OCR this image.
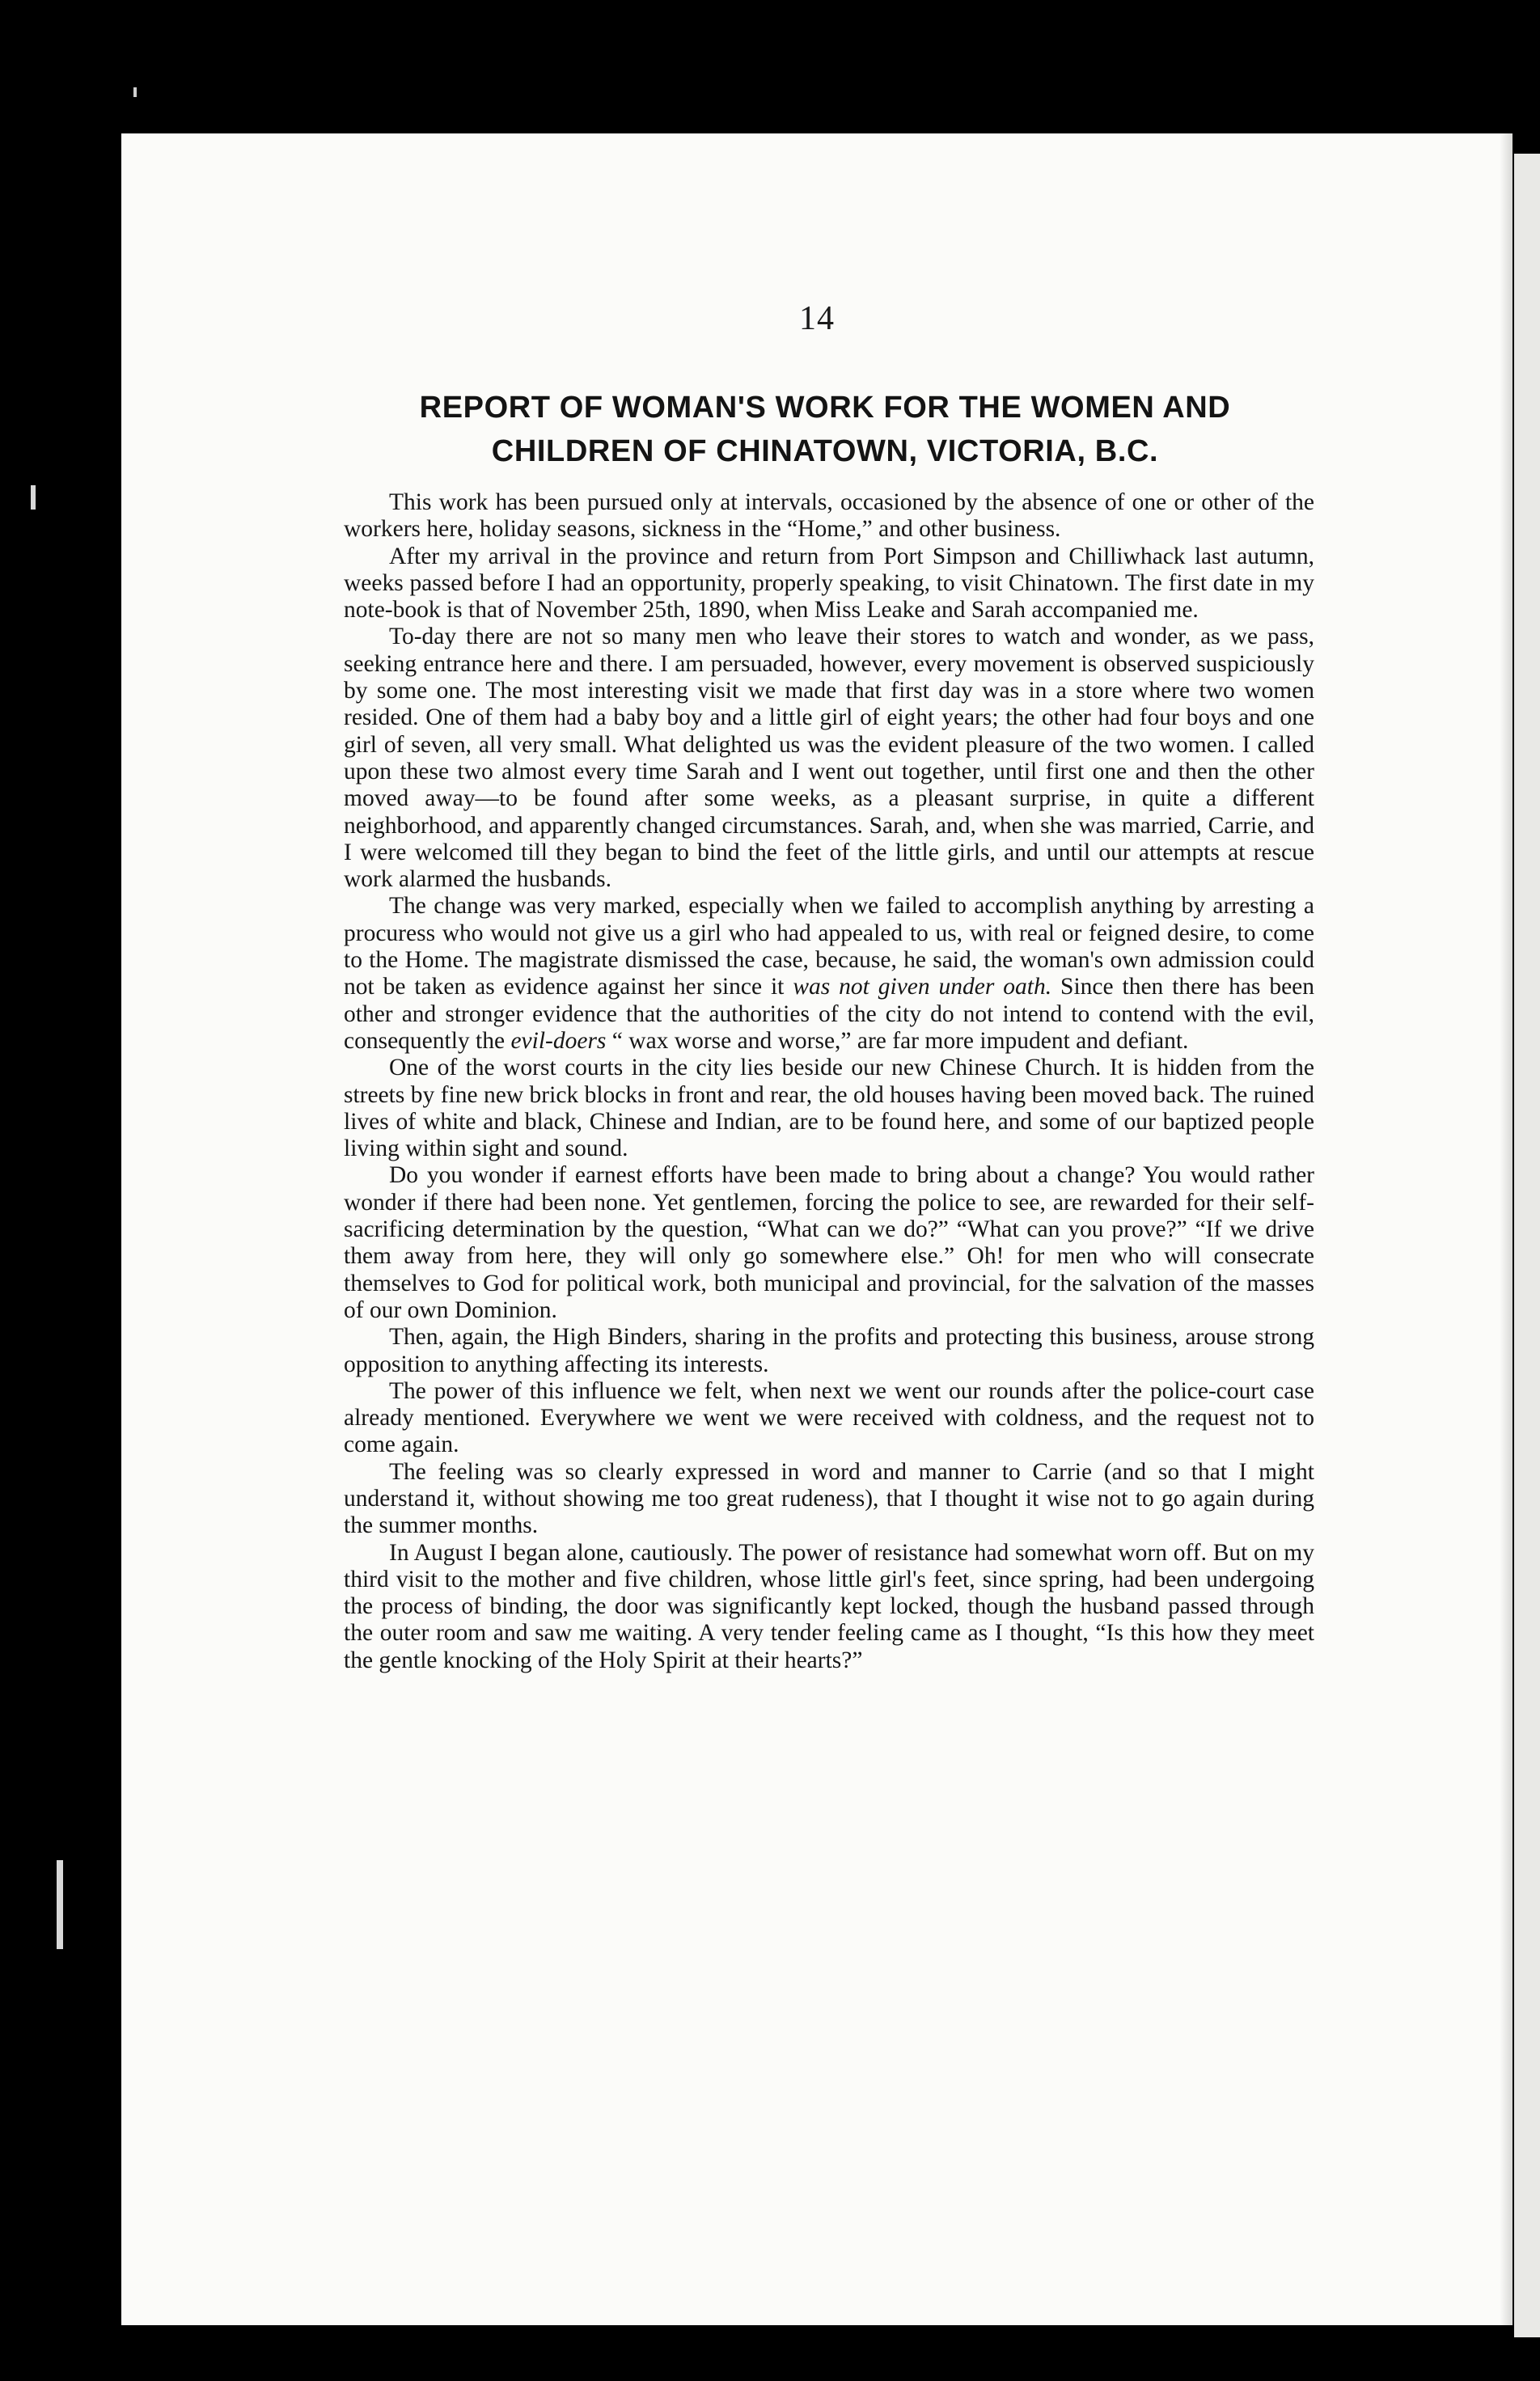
14
REPORT OF WOMAN'S WORK FOR THE WOMEN AND
CHILDREN OF CHINATOWN, VICTORIA, B.C.

This work has been pursued only at intervals, occasioned by the absence of one or other of the workers here, holiday seasons, sickness in the “Home,” and other business.

After my arrival in the province and return from Port Simpson and Chilliwhack last autumn, weeks passed before I had an opportunity, properly speaking, to visit Chinatown. The first date in my note-book is that of November 25th, 1890, when Miss Leake and Sarah accompanied me.

To-day there are not so many men who leave their stores to watch and wonder, as we pass, seeking entrance here and there. I am persuaded, however, every movement is observed suspiciously by some one. The most interesting visit we made that first day was in a store where two women resided. One of them had a baby boy and a little girl of eight years; the other had four boys and one girl of seven, all very small. What delighted us was the evident pleasure of the two women. I called upon these two almost every time Sarah and I went out together, until first one and then the other moved away—to be found after some weeks, as a pleasant surprise, in quite a different neighborhood, and apparently changed circumstances. Sarah, and, when she was married, Carrie, and I were welcomed till they began to bind the feet of the little girls, and until our attempts at rescue work alarmed the husbands.

The change was very marked, especially when we failed to accomplish anything by arresting a procuress who would not give us a girl who had appealed to us, with real or feigned desire, to come to the Home. The magistrate dismissed the case, because, he said, the woman's own admission could not be taken as evidence against her since it was not given under oath. Since then there has been other and stronger evidence that the authorities of the city do not intend to contend with the evil, consequently the evil-doers “ wax worse and worse,” are far more impudent and defiant.

One of the worst courts in the city lies beside our new Chinese Church. It is hidden from the streets by fine new brick blocks in front and rear, the old houses having been moved back. The ruined lives of white and black, Chinese and Indian, are to be found here, and some of our baptized people living within sight and sound.

Do you wonder if earnest efforts have been made to bring about a change? You would rather wonder if there had been none. Yet gentlemen, forcing the police to see, are rewarded for their self-sacrificing determination by the question, “What can we do?” “What can you prove?” “If we drive them away from here, they will only go somewhere else.” Oh! for men who will consecrate themselves to God for political work, both municipal and provincial, for the salvation of the masses of our own Dominion.

Then, again, the High Binders, sharing in the profits and protecting this business, arouse strong opposition to anything affecting its interests.

The power of this influence we felt, when next we went our rounds after the police-court case already mentioned. Everywhere we went we were received with coldness, and the request not to come again.

The feeling was so clearly expressed in word and manner to Carrie (and so that I might understand it, without showing me too great rudeness), that I thought it wise not to go again during the summer months.

In August I began alone, cautiously. The power of resistance had somewhat worn off. But on my third visit to the mother and five children, whose little girl's feet, since spring, had been undergoing the process of binding, the door was significantly kept locked, though the husband passed through the outer room and saw me waiting. A very tender feeling came as I thought, “Is this how they meet the gentle knocking of the Holy Spirit at their hearts?”
